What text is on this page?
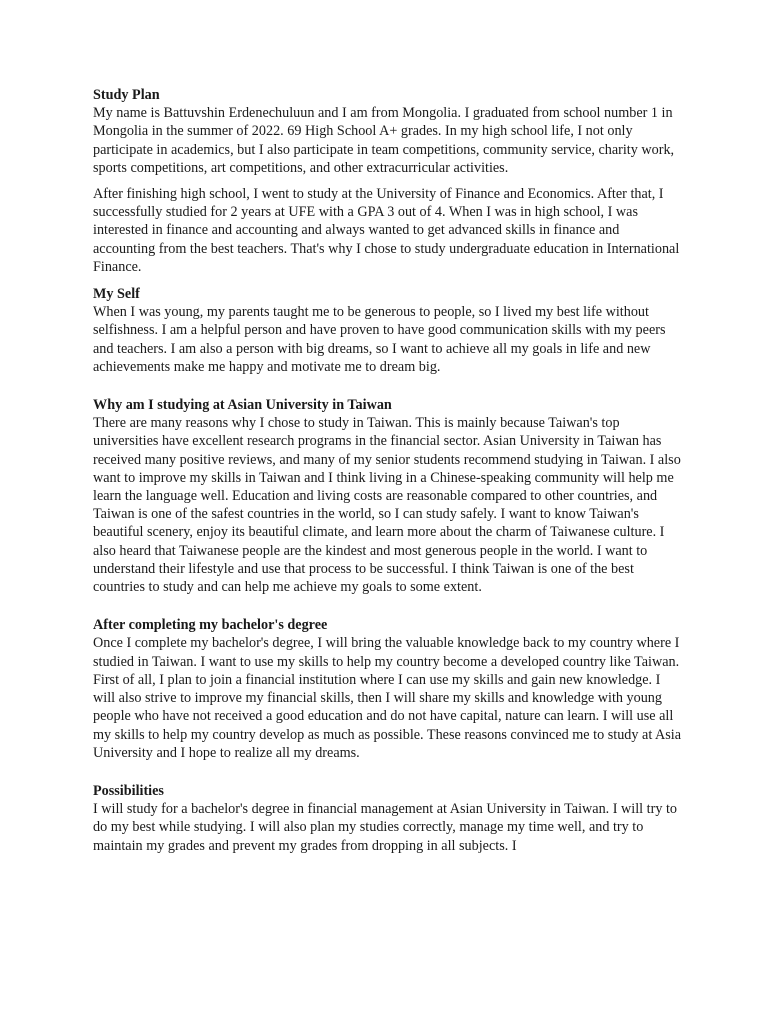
Study Plan

My name is Battuvshin Erdenechuluun and I am from Mongolia. I graduated from school number 1 in Mongolia in the summer of 2022. 69 High School A+ grades. In my high school life, I not only participate in academics, but I also participate in team competitions, community service, charity work, sports competitions, art competitions, and other extracurricular activities.

After finishing high school, I went to study at the University of Finance and Economics. After that, I successfully studied for 2 years at UFE with a GPA 3 out of 4. When I was in high school, I was interested in finance and accounting and always wanted to get advanced skills in finance and accounting from the best teachers. That's why I chose to study undergraduate education in International Finance.

My Self

When I was young, my parents taught me to be generous to people, so I lived my best life without selfishness. I am a helpful person and have proven to have good communication skills with my peers and teachers. I am also a person with big dreams, so I want to achieve all my goals in life and new achievements make me happy and motivate me to dream big.

Why am I studying at Asian University in Taiwan

There are many reasons why I chose to study in Taiwan. This is mainly because Taiwan's top universities have excellent research programs in the financial sector. Asian University in Taiwan has received many positive reviews, and many of my senior students recommend studying in Taiwan. I also want to improve my skills in Taiwan and I think living in a Chinese-speaking community will help me learn the language well. Education and living costs are reasonable compared to other countries, and Taiwan is one of the safest countries in the world, so I can study safely. I want to know Taiwan's beautiful scenery, enjoy its beautiful climate, and learn more about the charm of Taiwanese culture. I also heard that Taiwanese people are the kindest and most generous people in the world. I want to understand their lifestyle and use that process to be successful. I think Taiwan is one of the best countries to study and can help me achieve my goals to some extent.

After completing my bachelor's degree

Once I complete my bachelor's degree, I will bring the valuable knowledge back to my country where I studied in Taiwan. I want to use my skills to help my country become a developed country like Taiwan. First of all, I plan to join a financial institution where I can use my skills and gain new knowledge. I will also strive to improve my financial skills, then I will share my skills and knowledge with young people who have not received a good education and do not have capital, nature can learn. I will use all my skills to help my country develop as much as possible. These reasons convinced me to study at Asia University and I hope to realize all my dreams.

Possibilities

I will study for a bachelor's degree in financial management at Asian University in Taiwan. I will try to do my best while studying. I will also plan my studies correctly, manage my time well, and try to maintain my grades and prevent my grades from dropping in all subjects. I
